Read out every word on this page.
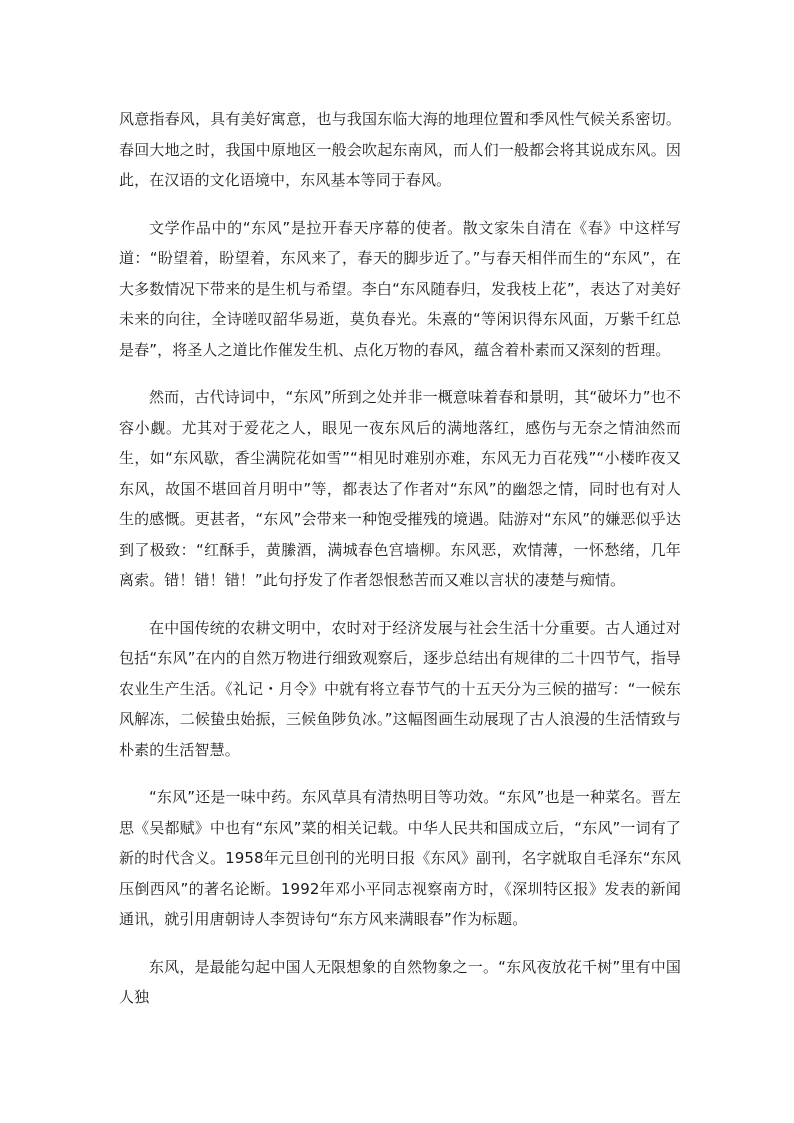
风意指春风，具有美好寓意，也与我国东临大海的地理位置和季风性气候关系密切。春回大地之时，我国中原地区一般会吹起东南风，而人们一般都会将其说成东风。因此，在汉语的文化语境中，东风基本等同于春风。

文学作品中的“东风”是拉开春天序幕的使者。散文家朱自清在《春》中这样写道：“盼望着，盼望着，东风来了，春天的脚步近了。”与春天相伴而生的“东风”，在大多数情况下带来的是生机与希望。李白“东风随春归，发我枝上花”，表达了对美好未来的向往，全诗嗟叹韶华易逝，莫负春光。朱熹的“等闲识得东风面，万紫千红总是春”，将圣人之道比作催发生机、点化万物的春风，蕴含着朴素而又深刻的哲理。

然而，古代诗词中，“东风”所到之处并非一概意味着春和景明，其“破坏力”也不容小觑。尤其对于爱花之人，眼见一夜东风后的满地落红，感伤与无奈之情油然而生，如“东风歇，香尘满院花如雪”“相见时难别亦难，东风无力百花残”“小楼昨夜又东风，故国不堪回首月明中”等，都表达了作者对“东风”的幽怨之情，同时也有对人生的感慨。更甚者，“东风”会带来一种饱受摧残的境遇。陆游对“东风”的嫌恶似乎达到了极致：“红酥手，黄縢酒，满城春色宫墙柳。东风恶，欢情薄，一怀愁绪，几年离索。错！错！错！”此句抒发了作者怨恨愁苦而又难以言状的凄楚与痴情。

在中国传统的农耕文明中，农时对于经济发展与社会生活十分重要。古人通过对包括“东风”在内的自然万物进行细致观察后，逐步总结出有规律的二十四节气，指导农业生产生活。《礼记・月令》中就有将立春节气的十五天分为三候的描写：“一候东风解冻，二候蛰虫始振，三候鱼陟负冰。”这幅图画生动展现了古人浪漫的生活情致与朴素的生活智慧。

“东风”还是一味中药。东风草具有清热明目等功效。“东风”也是一种菜名。晋左思《吴都赋》中也有“东风”菜的相关记载。中华人民共和国成立后，“东风”一词有了新的时代含义。1958年元旦创刊的光明日报《东风》副刊，名字就取自毛泽东“东风压倒西风”的著名论断。1992年邓小平同志视察南方时，《深圳特区报》发表的新闻通讯，就引用唐朝诗人李贺诗句“东方风来满眼春”作为标题。

东风，是最能勾起中国人无限想象的自然物象之一。“东风夜放花千树”里有中国人独
